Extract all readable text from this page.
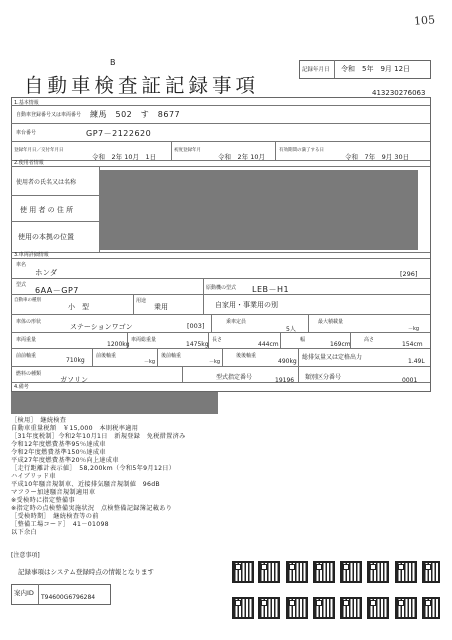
105
B
記録年月日 令和　5年　9月 12日
自動車検査証記録事項	413230276063
1.基本情報
自動車登録番号又は車両番号 練馬　502　す　8677
車台番号	GP7－2122620
登録年月日／交付年月日
令和　2年 10月　1日
初度登録年月
令和　2年 10月
有効期間の満了する日
令和　7年　9月 30日
2.使用者情報
使用者の氏名又は名称
使 用 者 の 住 所
使用の本拠の位置
3.車両詳細情報
車名
ホンダ	[296]
型式
6AA－GP7	原動機の型式 LEB－H1
自動車の種別
小　型
用途
乗用	自家用・事業用の別
車体の形状
ステーションワゴン	[003]	乗車定員
5人
最大積載量
－kg
車両重量
1200kg
車両総重量
1475kg
長さ
444cm
幅
169cm
高さ
154cm
前前軸重
710kg
前後軸重
－kg
後前軸重
－kg
後後軸重
490kg
総排気量又は定格出力
1.49L
燃料の種類
ガソリン	型式指定番号	19196 類別区分番号	0001
4.備考
［検用］　継続検査
自動車重量税額　￥15,000　本則税率適用
［31年度税制］令和2年10月1日　新規登録　免税措置済み
令和12年度燃費基準95％達成車
令和2年度燃費基準150％達成車
平成27年度燃費基準20％向上達成車
［走行距離計表示値］　58,200km（令和5年9月12日）
ハイブリッド車
平成10年騒音規制車、近接排気騒音規制値　96dB
マフラー加速騒音規制適用車
※受検時に指定整備事
※指定時の点検整備実施状況　点検整備記録簿記載あり
［受検時期］　継続検査等の前
［整備工場コード］　41－01098
以下余白
[注意事項]
記録事項はシステム登録時点の情報となります
案内ID
T94600G6796284
